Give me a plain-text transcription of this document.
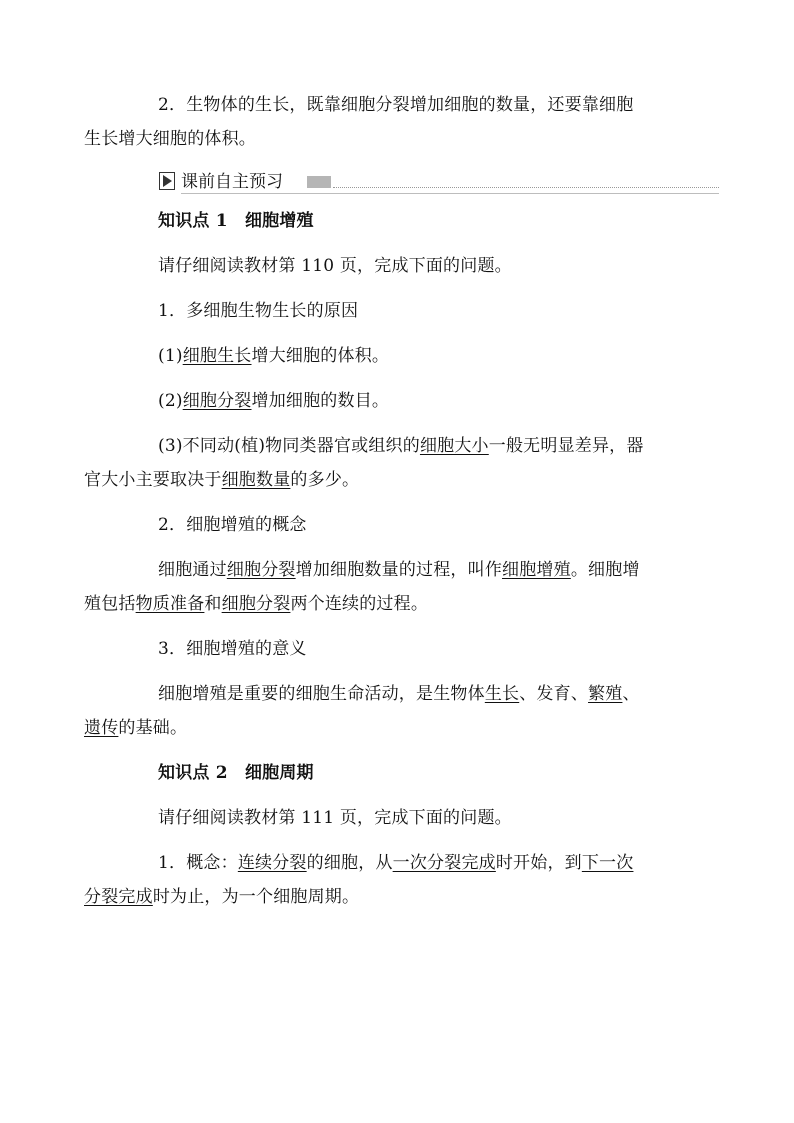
2．生物体的生长，既靠细胞分裂增加细胞的数量，还要靠细胞
生长增大细胞的体积。

课前自主预习

知识点 1　细胞增殖

请仔细阅读教材第 110 页，完成下面的问题。

1．多细胞生物生长的原因

(1)细胞生长增大细胞的体积。

(2)细胞分裂增加细胞的数目。

(3)不同动(植)物同类器官或组织的细胞大小一般无明显差异，器
官大小主要取决于细胞数量的多少。

2．细胞增殖的概念

细胞通过细胞分裂增加细胞数量的过程，叫作细胞增殖。细胞增
殖包括物质准备和细胞分裂两个连续的过程。

3．细胞增殖的意义

细胞增殖是重要的细胞生命活动，是生物体生长、发育、繁殖、
遗传的基础。

知识点 2　细胞周期

请仔细阅读教材第 111 页，完成下面的问题。

1．概念：连续分裂的细胞，从一次分裂完成时开始，到下一次
分裂完成时为止，为一个细胞周期。
